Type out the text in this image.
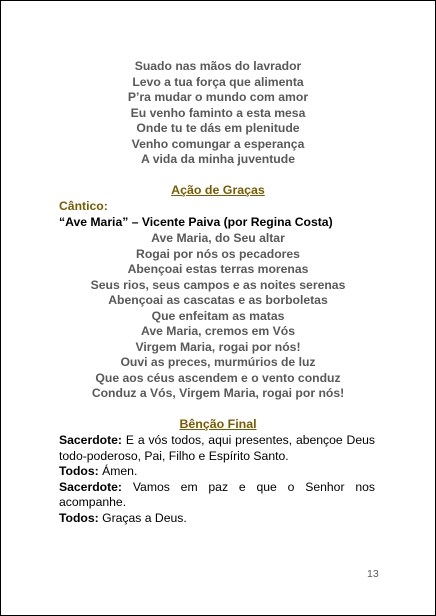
Suado nas mãos do lavrador

Levo a tua força que alimenta

P’ra mudar o mundo com amor

Eu venho faminto a esta mesa

Onde tu te dás em plenitude

Venho comungar a esperança

A vida da minha juventude

Ação de Graças

Cântico:

“Ave Maria” – Vicente Paiva (por Regina Costa)

Ave Maria, do Seu altar

Rogai por nós os pecadores

Abençoai estas terras morenas

Seus rios, seus campos e as noites serenas

Abençoai as cascatas e as borboletas

Que enfeitam as matas

Ave Maria, cremos em Vós

Virgem Maria, rogai por nós!

Ouvi as preces, murmúrios de luz

Que aos céus ascendem e o vento conduz

Conduz a Vós, Virgem Maria, rogai por nós!

Bênção Final

Sacerdote: E a vós todos, aqui presentes, abençoe Deus todo-poderoso, Pai, Filho e Espírito Santo.

Todos: Ámen.

Sacerdote: Vamos em paz e que o Senhor nos acompanhe.

Todos: Graças a Deus.

13
